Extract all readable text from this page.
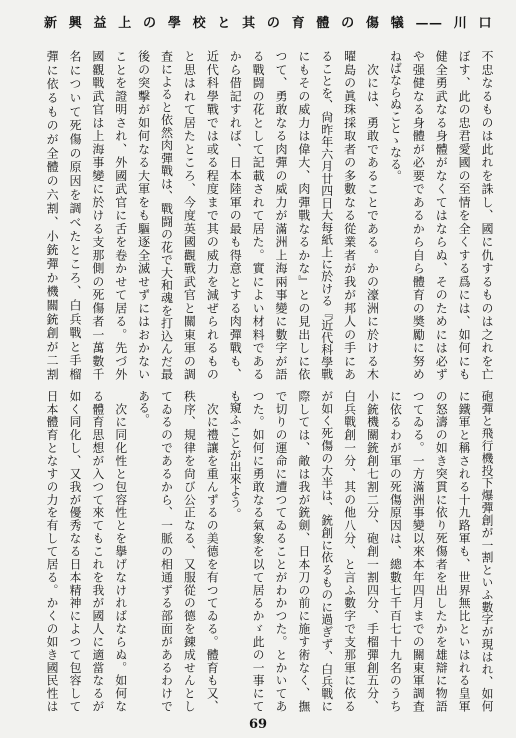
新興益上の學校と其の育體の傷犠——川口
不忠なるものは此れを誅し、國に仇するものは之れを亡
ぼす、此の忠君愛國の至情を全くする爲には、如何にも
健全勇武なる身體がなくてはならぬ、そのためには必ず
や强健なる身體が必要であるから自ら體育の奬勵に努め
ねばならぬことゝなる。
　次には、勇敢であることである。かの濠洲に於ける木
曜島の眞珠採取者の多數なる從業者が我が邦人の手にあ
ることを、尙昨年六月廿四日大每紙上に於ける『近代科學戰
にもその威力は偉大、肉彈戰なるかな』との見出しに依
つて、勇敢なる肉彈の威力が滿洲上海兩事變に數字が語
る戰闘の花として記載されて居た。實によい材料である
から借記すれば、日本陸軍の最も得意とする肉彈戰も、
近代科學戰では或る程度まで其の威力を減ぜられるもの
と思はれて居たところ、今度英國觀戰武官と關東軍の調
査によると依然肉彈戰は、戰闘の花で大和魂を打込んだ最
後の突擊が如何なる大軍をも驅逐全滅せずにはおかない
ことを證明され、外國武官に舌を卷かせて居る。先づ外
國觀戰武官は上海事變に於ける支那側の死傷者一萬數千
名について死傷の原因を調べたところ、白兵戰と手榴
彈に依るものが全體の六割、小銃彈か機關銃創が二割
砲彈と飛行機投下爆彈創が一割といふ數字が現はれ、如何
に鐵軍と稱される十九路軍も、世界無比といはれる皇軍
の怒濤の如き突貫に依り死傷者を出したかを雄辯に物語
つてゐる。一方滿洲事變以來本年四月までの關東軍調査
に依るわが軍の死傷原因は、總數七千百七十九名のうち
小銃機關銃創七割二分、砲創一割四分、手榴彈創五分、
白兵戰創一分、其の他八分、と言ふ數字で支那軍に依る
が如く死傷の大半は、銃創に依るものに過ぎず、白兵戰に
際しては、敵は我が銃劍、日本刀の前に施す術なく、撫
で切りの運命に遭つてゐることがわかつた。とかいてあ
つた。如何に勇敢なる氣象を以て居るかゞ此の一事にて
も窺ふことが出來よう。
　次に禮讓を重んずるの美德を有つてゐる。體育も又、
秩序、規律を尙び公正なる、又服從の德を錬成せんとし
てゐるのであるから、一脈の相通ずる部面があるわけで
ある。
　次に同化性と包容性とを擧げなければならぬ。如何な
る體育思想が入つて來てもこれを我が國人に適當なるが
如く同化し、又我が優秀なる日本精神によつて包容して
日本體育となすの力を有して居る。かくの如き國民性は
69
